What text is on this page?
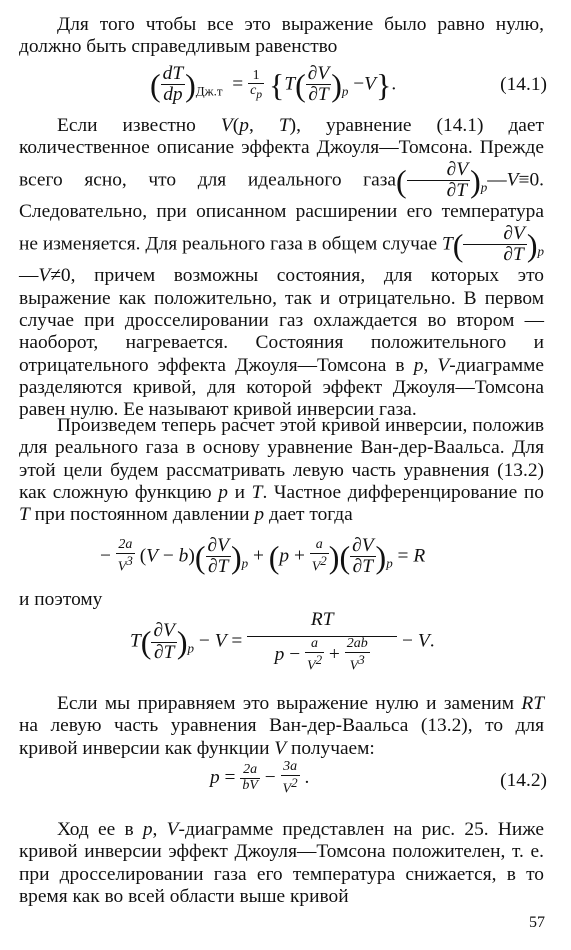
Для того чтобы все это выражение было равно нулю, должно быть справедливым равенство

( $\frac{dT}{dp} )_{Дж.т} = \frac{1}{c_p} \{T( \frac{\partial V}{\partial T} )_p -V\}$.	(14.1)

Если известно V(p, T), уравнение (14.1) дает количественное описание эффекта Джоуля—Томсона. Прежде всего ясно, что для идеального газа( $\frac{\partial V}{\partial T}$ )$_p—V\equiv 0$. Следовательно, при описанном расширении его температура не изменяется. Для реального газа в общем случае $T( \frac{\partial V}{\partial T}$ )$_p—V\ne 0$, причем возможны состояния, для которых это выражение как положительно, так и отрицательно. В первом случае при дросселировании газ охлаждается во втором — наоборот, нагревается. Состояния положительного и отрицательного эффекта Джоуля—Томсона в p, V-диаграмме разделяются кривой, для которой эффект Джоуля—Томсона равен нулю. Ее называют кривой инверсии газа.

Произведем теперь расчет этой кривой инверсии, положив для реального газа в основу уравнение Ван-дер-Ваальса. Для этой цели будем рассматривать левую часть уравнения (13.2) как сложную функцию p и T. Частное дифференцирование по T при постоянном давлении p дает тогда

− $\frac{2a}{V^3} (V - b)( \frac{\partial V}{\partial T} )_p + (p + \frac{a}{V^2}$ )( $\frac{\partial V}{\partial T} )_p = R$

и поэтому

$T( \frac{\partial V}{\partial T} )_p - V = \frac{RT}{p - \frac{a}{V^2} + \frac{2ab}{V^3}} - V$.

Если мы приравняем это выражение нулю и заменим RT на левую часть уравнения Ван-дер-Ваальса (13.2), то для кривой инверсии как функции V получаем:

$p = \frac{2a}{bV} - \frac{3a}{V^2}$ .	(14.2)

Ход ее в p, V-диаграмме представлен на рис. 25. Ниже кривой инверсии эффект Джоуля—Томсона положителен, т. е. при дросселировании газа его температура снижается, в то время как во всей области выше кривой

57
